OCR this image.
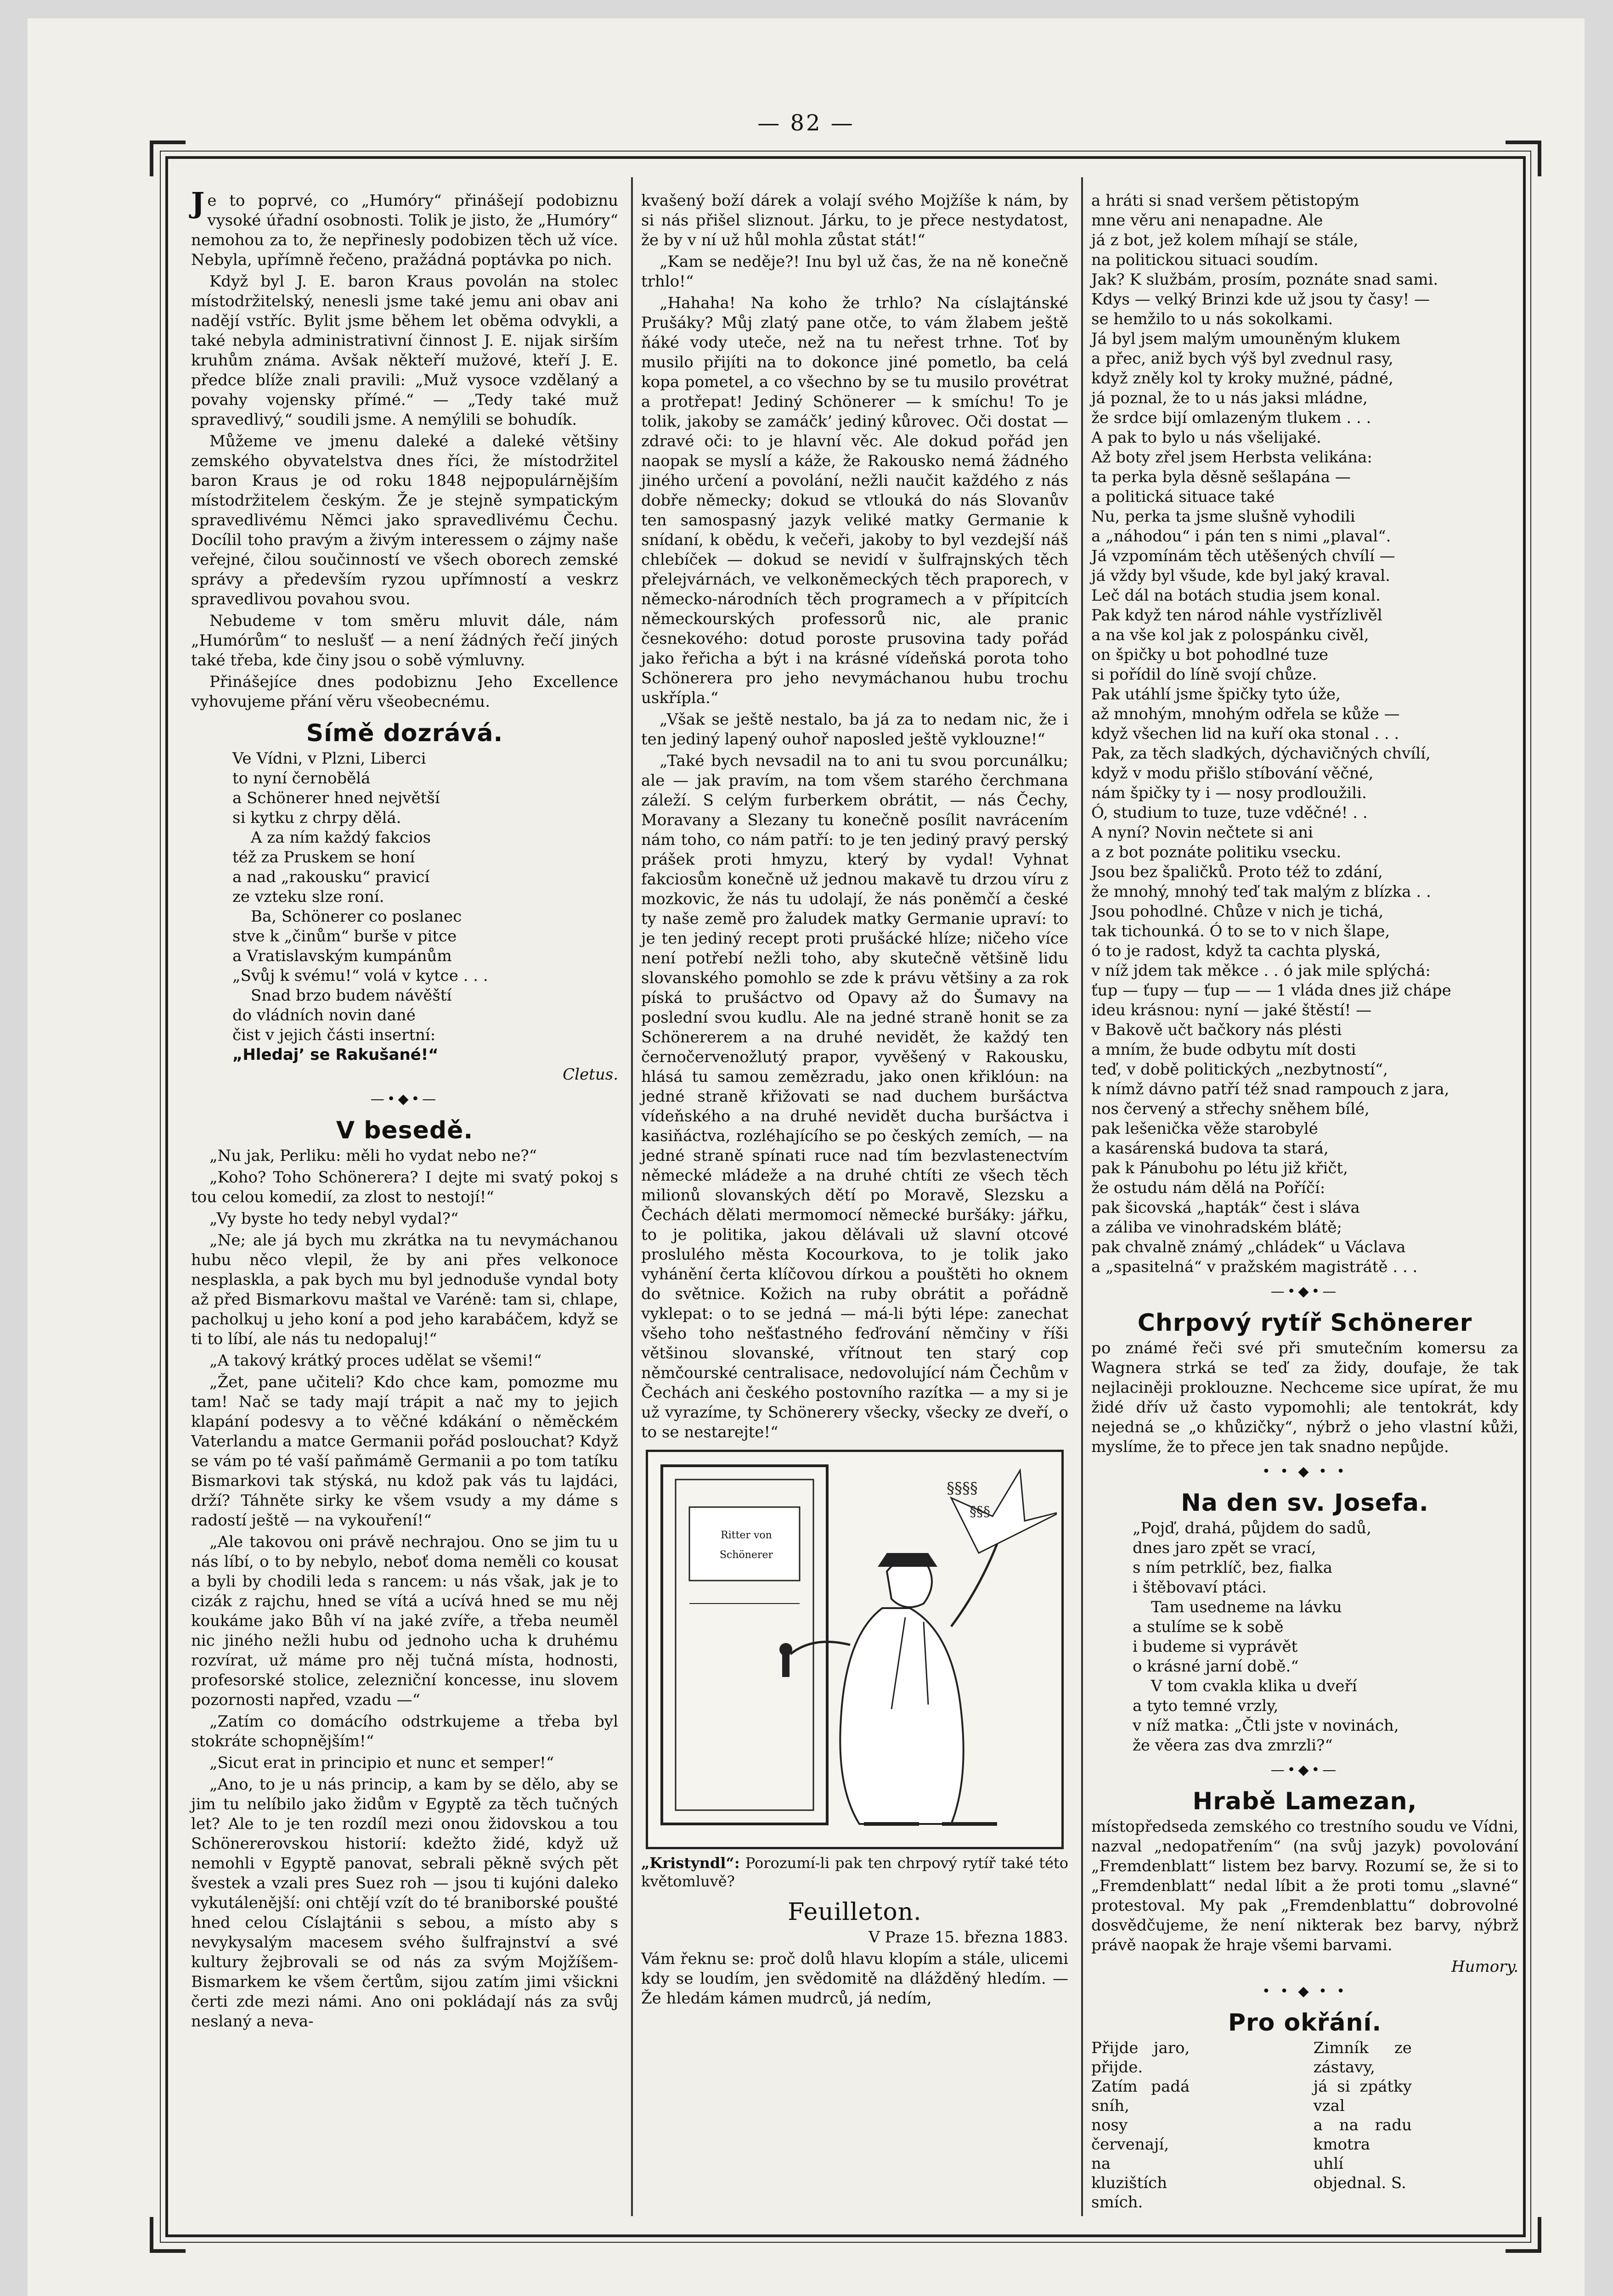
— 82 —

Je to poprvé, co „Humóry“ přinášejí podobiznu vysoké úřadní osobnosti. Tolik je jisto, že „Humóry“ nemohou za to, že nepřinesly podobizen těch už více. Nebyla, upřímně řečeno, pražádná poptávka po nich.

Když byl J. E. baron Kraus povolán na stolec místodržitelský, nenesli jsme také jemu ani obav ani nadějí vstříc. Bylit jsme během let oběma odvykli, a také nebyla administrativní činnost J. E. nijak sirším kruhům známa. Avšak někteří mužové, kteří J. E. předce blíže znali pravili: „Muž vysoce vzdělaný a povahy vojensky přímé.“ — „Tedy také muž spravedlivý,“ soudili jsme. A nemýlili se bohudík.

Můžeme ve jmenu daleké a daleké většiny zemského obyvatelstva dnes říci, že místodržitel baron Kraus je od roku 1848 nejpopulárnějším místodržitelem českým. Že je stejně sympatickým spravedlivému Němci jako spravedlivému Čechu. Docílil toho pravým a živým interessem o zájmy naše veřejné, čilou součinností ve všech oborech zemské správy a především ryzou upřímností a veskrz spravedlivou povahou svou.

Nebudeme v tom směru mluvit dále, nám „Humórům“ to neslušť — a není žádných řečí jiných také třeba, kde činy jsou o sobě výmluvny.

Přinášejíce dnes podobiznu Jeho Excellence vyhovujeme přání věru všeobecnému.

Símě dozrává.
Ve Vídni, v Plzni, Liberci
to nyní černobělá
a Schönerer hned největší
si kytku z chrpy dělá.
A za ním každý fakcios
též za Pruskem se honí
a nad „rakousku“ pravicí
ze vzteku slze roní.
Ba, Schönerer co poslanec
stve k „činům“ burše v pitce
a Vratislavským kumpánům
„Svůj k svému!“ volá v kytce . . .
Snad brzo budem návěští
do vládních novin dané
čist v jejich části insertní:
„Hledaj’ se Rakušané!“
Cletus.
—•◆•—
V besedě.

„Nu jak, Perliku: měli ho vydat nebo ne?“

„Koho? Toho Schönerera? I dejte mi svatý pokoj s tou celou komedií, za zlost to nestojí!“

„Vy byste ho tedy nebyl vydal?“

„Ne; ale já bych mu zkrátka na tu nevymáchanou hubu něco vlepil, že by ani přes velkonoce nesplaskla, a pak bych mu byl jednoduše vyndal boty až před Bismarkovu maštal ve Varéně: tam si, chlape, pacholkuj u jeho koní a pod jeho karabáčem, když se ti to líbí, ale nás tu nedopaluj!“

„A takový krátký proces udělat se všemi!“

„Žet, pane učiteli? Kdo chce kam, pomozme mu tam! Nač se tady mají trápit a nač my to jejich klapání podesvy a to věčné kdákání o něměckém Vaterlandu a matce Germanii pořád poslouchat? Když se vám po té vaší paňmámě Germanii a po tom tatíku Bismarkovi tak stýská, nu kdož pak vás tu lajdáci, drží? Táhněte sirky ke všem vsudy a my dáme s radostí ještě — na vykouření!“

„Ale takovou oni právě nechrajou. Ono se jim tu u nás líbí, o to by nebylo, neboť doma neměli co kousat a byli by chodili leda s rancem: u nás však, jak je to cizák z rajchu, hned se vítá a ucívá hned se mu něj koukáme jako Bůh ví na jaké zvíře, a třeba neuměl nic jiného nežli hubu od jednoho ucha k druhému rozvírat, už máme pro něj tučná místa, hodnosti, profesorské stolice, zelezniční koncesse, inu slovem pozornosti napřed, vzadu —“

„Zatím co domácího odstrkujeme a třeba byl stokráte schopnějším!“

„Sicut erat in principio et nunc et semper!“

„Ano, to je u nás princip, a kam by se dělo, aby se jim tu nelíbilo jako židům v Egyptě za těch tučných let? Ale to je ten rozdíl mezi onou židovskou a tou Schönererovskou historií: kdežto židé, když už nemohli v Egyptě panovat, sebrali pěkně svých pět švestek a vzali pres Suez roh — jsou ti kujóni daleko vykutálenější: oni chtějí vzít do té braniborské poušté hned celou Císlajtánii s sebou, a místo aby s nevykysalým macesem svého šulfrajnství a své kultury žejbrovali se od nás za svým Mojžíšem-Bismarkem ke všem čertům, sijou zatím jimi všickni čerti zde mezi námi. Ano oni pokládají nás za svůj neslaný a neva-

kvašený boží dárek a volají svého Mojžíše k nám, by si nás přišel sliznout. Járku, to je přece nestydatost, že by v ní už hůl mohla zůstat stát!“

„Kam se neděje?! Inu byl už čas, že na ně konečně trhlo!“

„Hahaha! Na koho že trhlo? Na císlajtánské Prušáky? Můj zlatý pane otče, to vám žlabem ještě ňáké vody uteče, než na tu neřest trhne. Toť by musilo přijíti na to dokonce jiné pometlo, ba celá kopa pometel, a co všechno by se tu musilo provétrat a protřepat! Jediný Schönerer — k smíchu! To je tolik, jakoby se zamáčk’ jediný kůrovec. Oči dostat — zdravé oči: to je hlavní věc. Ale dokud pořád jen naopak se myslí a káže, že Rakousko nemá žádného jiného určení a povolání, nežli naučit každého z nás dobře německy; dokud se vtlouká do nás Slovanův ten samospasný jazyk veliké matky Germanie k snídaní, k obědu, k večeři, jakoby to byl vezdejší náš chlebíček — dokud se nevidí v šulfrajnských těch přelejvárnách, ve velkoněmeckých těch praporech, v německo-národních těch programech a v přípitcích německourských professorů nic, ale pranic česnekového: dotud poroste prusovina tady pořád jako řeřicha a být i na krásné vídeňská porota toho Schönerera pro jeho nevymáchanou hubu trochu uskřípla.“

„Však se ještě nestalo, ba já za to nedam nic, že i ten jediný lapený ouhoř naposled ještě vyklouzne!“

„Také bych nevsadil na to ani tu svou porcunálku; ale — jak pravím, na tom všem starého čerchmana záleží. S celým furberkem obrátit, — nás Čechy, Moravany a Slezany tu konečně posílit navrácením nám toho, co nám patří: to je ten jediný pravý perský prášek proti hmyzu, který by vydal! Vyhnat fakciosům konečně už jednou makavě tu drzou víru z mozkovic, že nás tu udolají, že nás poněmčí a české ty naše země pro žaludek matky Germanie upraví: to je ten jediný recept proti prušácké hlíze; ničeho více není potřebí nežli toho, aby skutečně většině lidu slovanského pomohlo se zde k právu většiny a za rok píská to prušáctvo od Opavy až do Šumavy na poslední svou kudlu. Ale na jedné straně honit se za Schönererem a na druhé nevidět, že každý ten černočervenožlutý prapor, vyvěšený v Rakousku, hlásá tu samou zemězradu, jako onen křiklóun: na jedné straně křižovati se nad duchem buršáctva vídeňského a na druhé nevidět ducha buršáctva i kasiňáctva, rozléhajícího se po českých zemích, — na jedné straně spínati ruce nad tím bezvlastenectvím německé mládeže a na druhé chtíti ze všech těch milionů slovanských dětí po Moravě, Slezsku a Čechách dělati mermomocí německé buršáky: jářku, to je politika, jakou dělávali už slavní otcové proslulého města Kocourkova, to je tolik jako vyhánění čerta klíčovou dírkou a pouštěti ho oknem do světnice. Kožich na ruby obrátit a pořádně vyklepat: o to se jedná — má-li býti lépe: zanechat všeho toho nešťastného feďrování němčiny v říši většinou slovanské, vřítnout ten starý cop němčourské centralisace, nedovolující nám Čechům v Čechách ani českého postovního razítka — a my si je už vyrazíme, ty Schönerery všecky, všecky ze dveří, o to se nestarejte!“

§§§§
§§§
Ritter von Schönerer
„Kristyndl“: Porozumí-li pak ten chrpový rytíř také této květomluvě?
Feuilleton.
V Praze 15. března 1883.

Vám řeknu se: proč dolů hlavu klopím a stále, ulicemi kdy se loudím, jen svědomitě na dlážděný hledím. — Že hledám kámen mudrců, já nedím,

a hráti si snad veršem pětistopým
mne věru ani nenapadne. Ale
já z bot, jež kolem míhají se stále,
na politickou situaci soudím.
Jak? K službám, prosím, poznáte snad sami.
Kdys — velký Brinzi kde už jsou ty časy! —
se hemžilo to u nás sokolkami.
Já byl jsem malým umouněným klukem
a přec, aniž bych výš byl zvednul rasy,
když zněly kol ty kroky mužné, pádné,
já poznal, že to u nás jaksi mládne,
že srdce bijí omlazeným tlukem . . .
A pak to bylo u nás všelijaké.
Až boty zřel jsem Herbsta velikána:
ta perka byla děsně sešlapána —
a politická situace také
Nu, perka ta jsme slušně vyhodili
a „náhodou“ i pán ten s nimi „plaval“.
Já vzpomínám těch utěšených chvílí —
já vždy byl všude, kde byl jaký kraval.
Leč dál na botách studia jsem konal.
Pak když ten národ náhle vystřízlivěl
a na vše kol jak z polospánku civěl,
on špičky u bot pohodlné tuze
si pořídil do líně svojí chůze.
Pak utáhlí jsme špičky tyto úže,
až mnohým, mnohým odřela se kůže —
když všechen lid na kuří oka stonal . . .
Pak, za těch sladkých, dýchavičných chvílí,
když v modu přišlo stíbování věčné,
nám špičky ty i — nosy prodloužili.
Ó, studium to tuze, tuze vděčné! . .
A nyní? Novin nečtete si ani
a z bot poznáte politiku vsecku.
Jsou bez špaličků. Proto též to zdání,
že mnohý, mnohý teď tak malým z blízka . .
Jsou pohodlné. Chůze v nich je tichá,
tak tichounká. Ó to se to v nich šlape,
ó to je radost, když ta cachta plyská,
v níž jdem tak měkce . . ó jak mile splýchá:
ťup — ťupy — ťup — — 1 vláda dnes již chápe
ideu krásnou: nyní — jaké štěstí! —
v Bakově učt bačkory nás plésti
a mním, že bude odbytu mít dosti
teď, v době politických „nezbytností“,
k nímž dávno patří též snad rampouch z jara,
nos červený a střechy sněhem bílé,
pak lešenička věže starobylé
a kasárenská budova ta stará,
pak k Pánubohu po létu již křičt,
že ostudu nám dělá na Poříčí:
pak šicovská „hapták“ čest i sláva
a záliba ve vinohradském blátě;
pak chvalně známý „chládek“ u Václava
a „spasitelná“ v pražském magistrátě . . .
—•◆•—
Chrpový rytíř Schönerer

po známé řeči své při smutečním komersu za Wagnera strká se teď za židy, doufaje, že tak nejlaciněji proklouzne. Nechceme sice upírat, že mu židé dřív už často vypomohli; ale tentokrát, kdy nejedná se „o khůzičky“, nýbrž o jeho vlastní kůži, myslíme, že to přece jen tak snadno nepůjde.

• • ◆ • •
Na den sv. Josefa.
„Pojď, drahá, půjdem do sadů,
dnes jaro zpět se vrací,
s ním petrklíč, bez, fialka
i štěbovaví ptáci.
Tam usedneme na lávku
a stulíme se k sobě
i budeme si vyprávět
o krásné jarní době.“
V tom cvakla klika u dveří
a tyto temné vrzly,
v níž matka: „Čtli jste v novinách,
že věera zas dva zmrzli?“
—•◆•—
Hrabě Lamezan,

místopředseda zemského co trestního soudu ve Vídni, nazval „nedopatřením“ (na svůj jazyk) povolování „Fremdenblatt“ listem bez barvy. Rozumí se, že si to „Fremdenblatt“ nedal líbit a že proti tomu „slavné“ protestoval. My pak „Fremdenblattu“ dobrovolné dosvědčujeme, že není nikterak bez barvy, nýbrž právě naopak že hraje všemi barvami.

Humory.
• • ◆ • •
Pro okřání.
Přijde jaro, přijde.
Zatím padá sníh,
nosy červenají,
na kluzištích smích.
Zimník ze zástavy,
já si zpátky vzal
a na radu kmotra
uhlí objednal. S.
